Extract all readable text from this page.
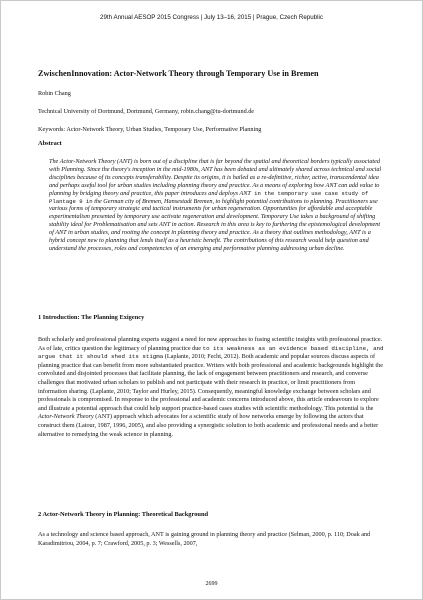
29th Annual AESOP 2015 Congress | July 13–16, 2015 | Prague, Czech Republic
ZwischenInnovation: Actor-Network Theory through Temporary Use in Bremen
Robin Chang
Technical University of Dortmund, Dortmund, Germany, robin.chang@tu-dortmund.de
Keywords: Actor-Network Theory, Urban Studies, Temporary Use, Performative Planning
Abstract

The Actor-Network Theory (ANT) is born out of a discipline that is far beyond the spatial and theoretical borders typically associated with Planning. Since the theory's inception in the mid-1980s, ANT has been debated and ultimately shared across technical and social disciplines because of its concepts transferability. Despite its origins, it is hailed as a re-definitive, richer, active, transcendental idea and perhaps useful tool for urban studies including planning theory and practice. As a means of exploring how ANT can add value to planning by bridging theory and practice, this paper introduces and deploys ANT in the temporary use case study of Plantage 9 in the German city of Bremen, Hansestadt Bremen, to highlight potential contributions to planning. Practitioners use various forms of temporary strategic and tactical instruments for urban regeneration. Opportunities for affordable and acceptable experimentalism presented by temporary use activate regeneration and development. Temporary Use takes a background of shifting stability ideal for Problematisation and sets ANT in action. Research in this area is key to furthering the epistemological development of ANT in urban studies, and rooting the concept in planning theory and practice. As a theory that outlines methodology, ANT is a hybrid concept new to planning that lends itself as a heuristic benefit. The contributions of this research would help question and understand the processes, roles and competencies of an emerging and performative planning addressing urban decline.

1 Introduction: The Planning Exigency

Both scholarly and professional planning experts suggest a need for new approaches to fusing scientific insights with professional practice. As of late, critics question the legitimacy of planning practice due to its weakness as an evidence based discipline, and argue that it should shed its stigma (Laplante, 2010; Fecht, 2012). Both academic and popular sources discuss aspects of planning practice that can benefit from more substantiated practice. Writers with both professional and academic backgrounds highlight the convoluted and disjointed processes that facilitate planning, the lack of engagement between practitioners and research, and converse challenges that motivated urban scholars to publish and not participate with their research in practice, or limit practitioners from information sharing. (Laplante, 2010; Taylor and Hurley, 2015). Consequently, meaningful knowledge exchange between scholars and professionals is compromised. In response to the professional and academic concerns introduced above, this article endeavours to explore and illustrate a potential approach that could help support practice-based cases studies with scientific methodology. This potential is the Actor-Network Theory (ANT) approach which advocates for a scientific study of how networks emerge by following the actors that construct them (Latour, 1987, 1996, 2005), and also providing a synergistic solution to both academic and professional needs and a better alternative to remedying the weak science in planning.

2 Actor-Network Theory in Planning: Theoretical Background
As a technology and science based approach, ANT is gaining ground in planning theory and practice (Selman, 2000, p. 110; Doak and Karadimitriou, 2004, p. 7; Crawford, 2005, p. 3; Wessells, 2007,
2699
